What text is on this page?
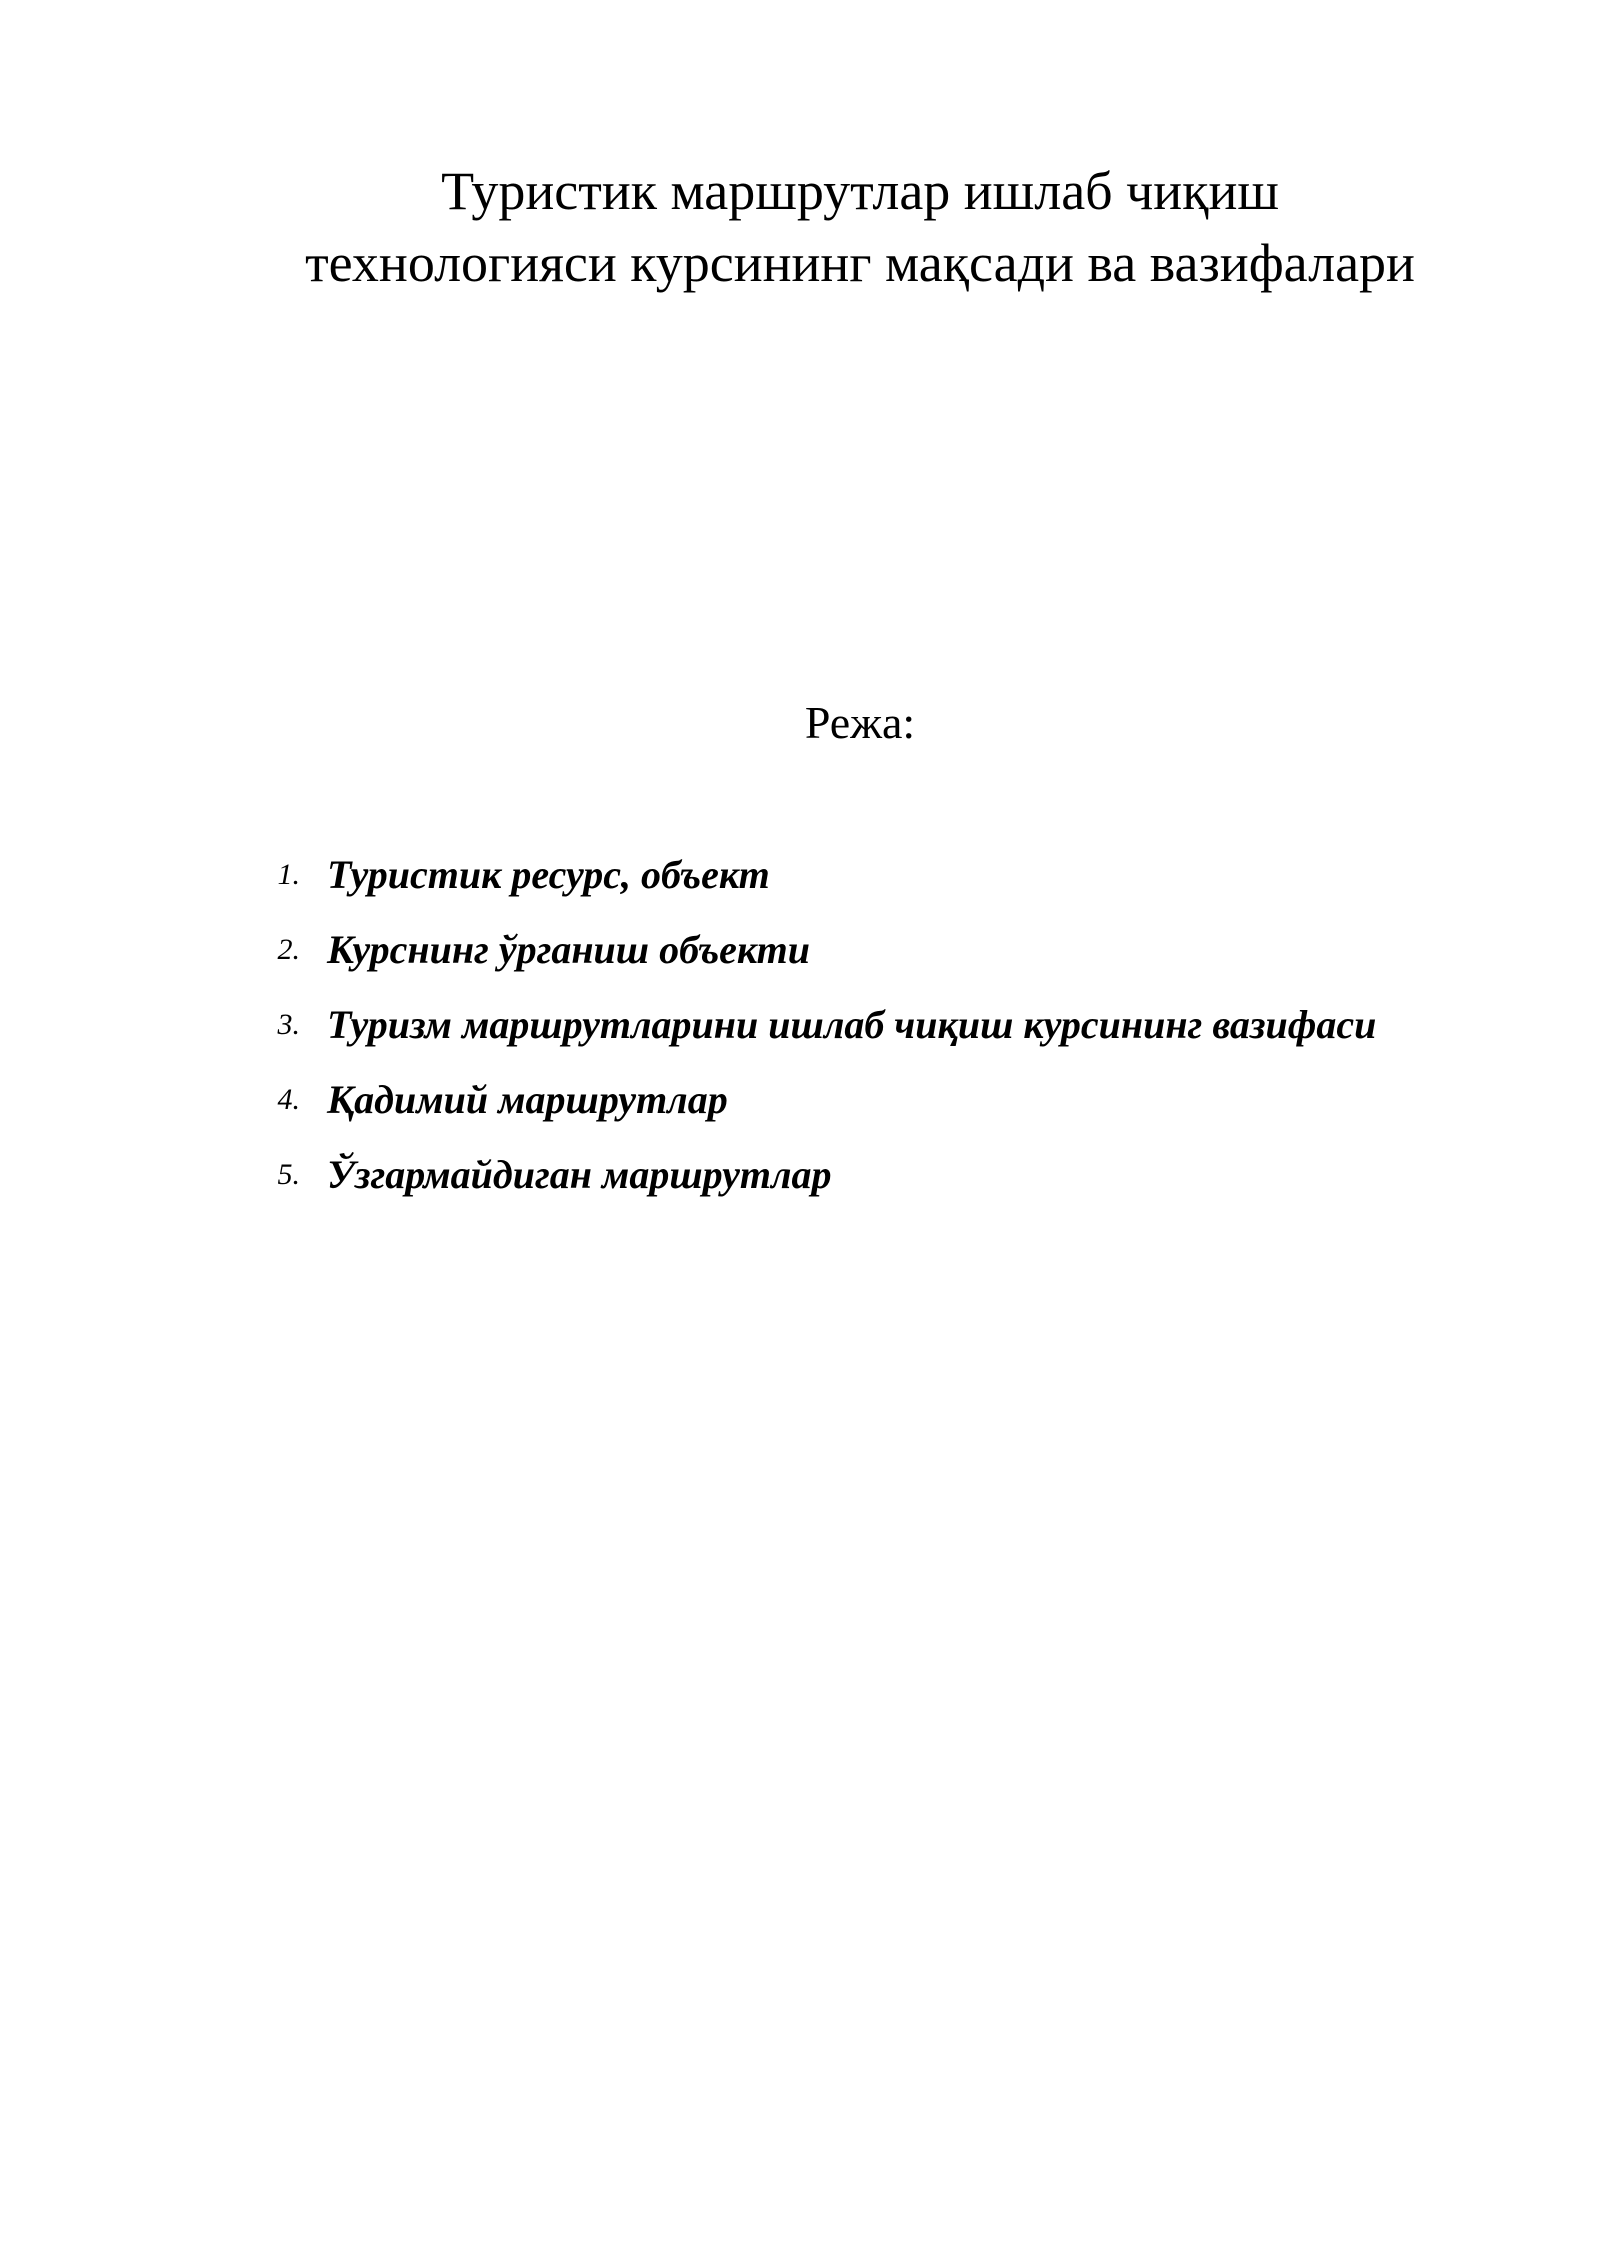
Туристик маршрутлар ишлаб чиқиш
технологияси курсининг мақсади ва вазифалари
Режа:
1. Туристик ресурс, объект
2. Курснинг ўрганиш объекти
3. Туризм маршрутларини ишлаб чиқиш курсининг вазифаси
4. Қадимий маршрутлар
5. Ўзгармайдиган маршрутлар
